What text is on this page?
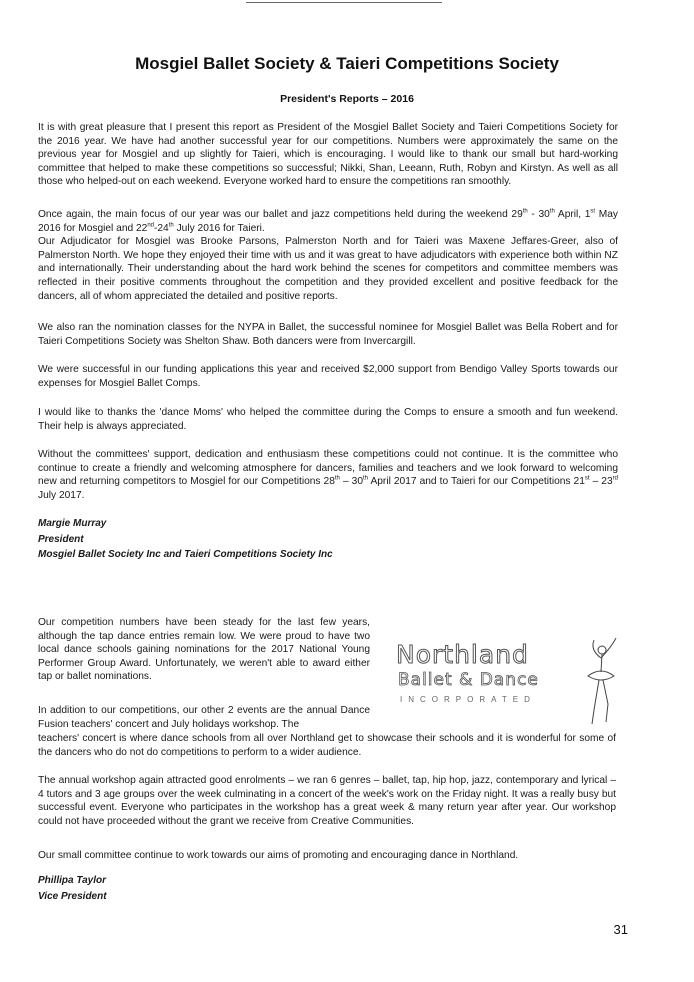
Mosgiel Ballet Society & Taieri Competitions Society
President's Reports – 2016

It is with great pleasure that I present this report as President of the Mosgiel Ballet Society and Taieri Competitions Society for the 2016 year. We have had another successful year for our competitions. Numbers were approximately the same on the previous year for Mosgiel and up slightly for Taieri, which is encouraging. I would like to thank our small but hard-working committee that helped to make these competitions so successful; Nikki, Shan, Leeann, Ruth, Robyn and Kirstyn. As well as all those who helped-out on each weekend. Everyone worked hard to ensure the competitions ran smoothly.

Once again, the main focus of our year was our ballet and jazz competitions held during the weekend 29th - 30th April, 1st May 2016 for Mosgiel and 22nd-24th July 2016 for Taieri.

Our Adjudicator for Mosgiel was Brooke Parsons, Palmerston North and for Taieri was Maxene Jeffares-Greer, also of Palmerston North. We hope they enjoyed their time with us and it was great to have adjudicators with experience both within NZ and internationally. Their understanding about the hard work behind the scenes for competitors and committee members was reflected in their positive comments throughout the competition and they provided excellent and positive feedback for the dancers, all of whom appreciated the detailed and positive reports.

We also ran the nomination classes for the NYPA in Ballet, the successful nominee for Mosgiel Ballet was Bella Robert and for Taieri Competitions Society was Shelton Shaw. Both dancers were from Invercargill.

We were successful in our funding applications this year and received $2,000 support from Bendigo Valley Sports towards our expenses for Mosgiel Ballet Comps.

I would like to thanks the 'dance Moms' who helped the committee during the Comps to ensure a smooth and fun weekend. Their help is always appreciated.

Without the committees' support, dedication and enthusiasm these competitions could not continue. It is the committee who continue to create a friendly and welcoming atmosphere for dancers, families and teachers and we look forward to welcoming new and returning competitors to Mosgiel for our Competitions 28th – 30th April 2017 and to Taieri for our Competitions 21st – 23rd July 2017.

Margie Murray
President
Mosgiel Ballet Society Inc and Taieri Competitions Society Inc

Our competition numbers have been steady for the last few years, although the tap dance entries remain low. We were proud to have two local dance schools gaining nominations for the 2017 National Young Performer Group Award. Unfortunately, we weren't able to award either tap or ballet nominations.

In addition to our competitions, our other 2 events are the annual Dance Fusion teachers' concert and July holidays workshop. The

teachers' concert is where dance schools from all over Northland get to showcase their schools and it is wonderful for some of the dancers who do not do competitions to perform to a wider audience.

The annual workshop again attracted good enrolments – we ran 6 genres – ballet, tap, hip hop, jazz, contemporary and lyrical – 4 tutors and 3 age groups over the week culminating in a concert of the week's work on the Friday night. It was a really busy but successful event. Everyone who participates in the workshop has a great week & many return year after year. Our workshop could not have proceeded without the grant we receive from Creative Communities.

Our small committee continue to work towards our aims of promoting and encouraging dance in Northland.

Phillipa Taylor
Vice President
Northland
Ballet & Dance
INCORPORATED
31
